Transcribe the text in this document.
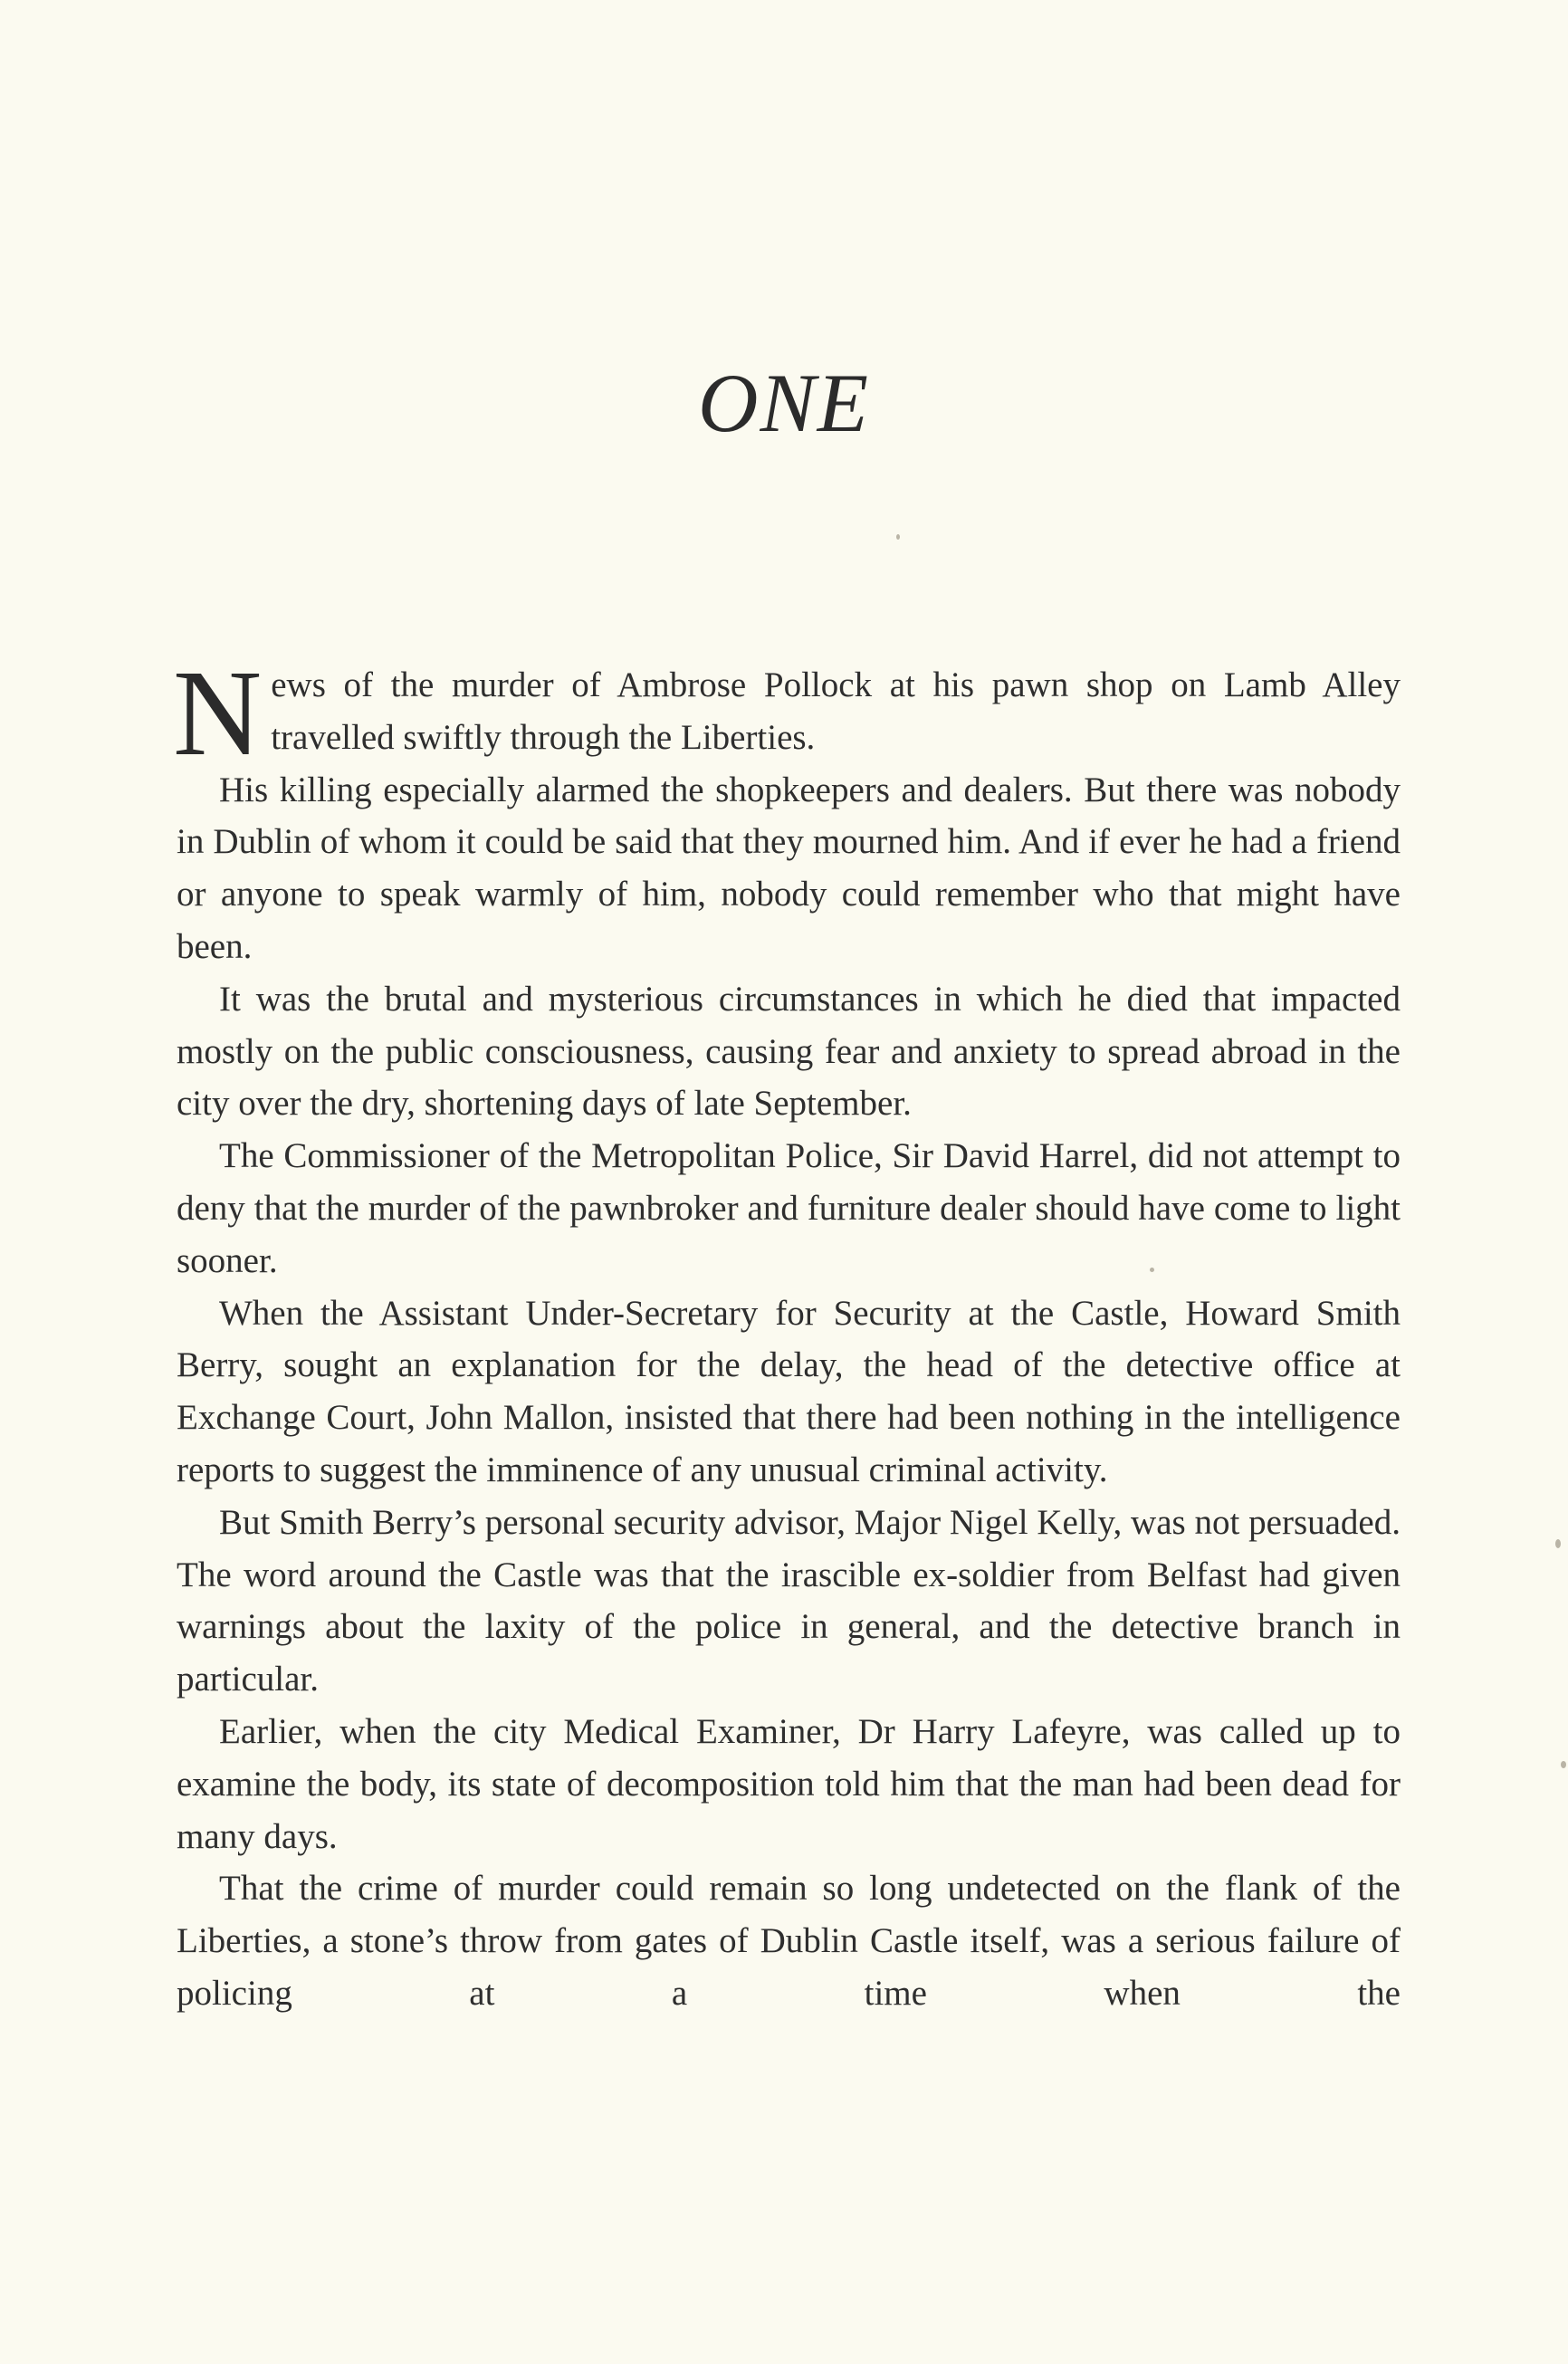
ONE

News of the murder of Ambrose Pollock at his pawn shop on Lamb Alley travelled swiftly through the Liberties.

His killing especially alarmed the shopkeepers and dealers. But there was nobody in Dublin of whom it could be said that they mourned him. And if ever he had a friend or anyone to speak warmly of him, nobody could remember who that might have been.

It was the brutal and mysterious circumstances in which he died that impacted mostly on the public consciousness, causing fear and anxiety to spread abroad in the city over the dry, shortening days of late September.

The Commissioner of the Metropolitan Police, Sir David Harrel, did not attempt to deny that the murder of the pawnbroker and furniture dealer should have come to light sooner.

When the Assistant Under-Secretary for Security at the Castle, Howard Smith Berry, sought an explanation for the delay, the head of the detective office at Exchange Court, John Mallon, insisted that there had been nothing in the intelligence reports to suggest the imminence of any unusual criminal activity.

But Smith Berry’s personal security advisor, Major Nigel Kelly, was not persuaded. The word around the Castle was that the irascible ex-soldier from Belfast had given warnings about the laxity of the police in general, and the detective branch in particular.

Earlier, when the city Medical Examiner, Dr Harry Lafeyre, was called up to examine the body, its state of decomposition told him that the man had been dead for many days.

That the crime of murder could remain so long undetected on the flank of the Liberties, a stone’s throw from gates of Dublin Castle itself, was a serious failure of policing at a time when the
